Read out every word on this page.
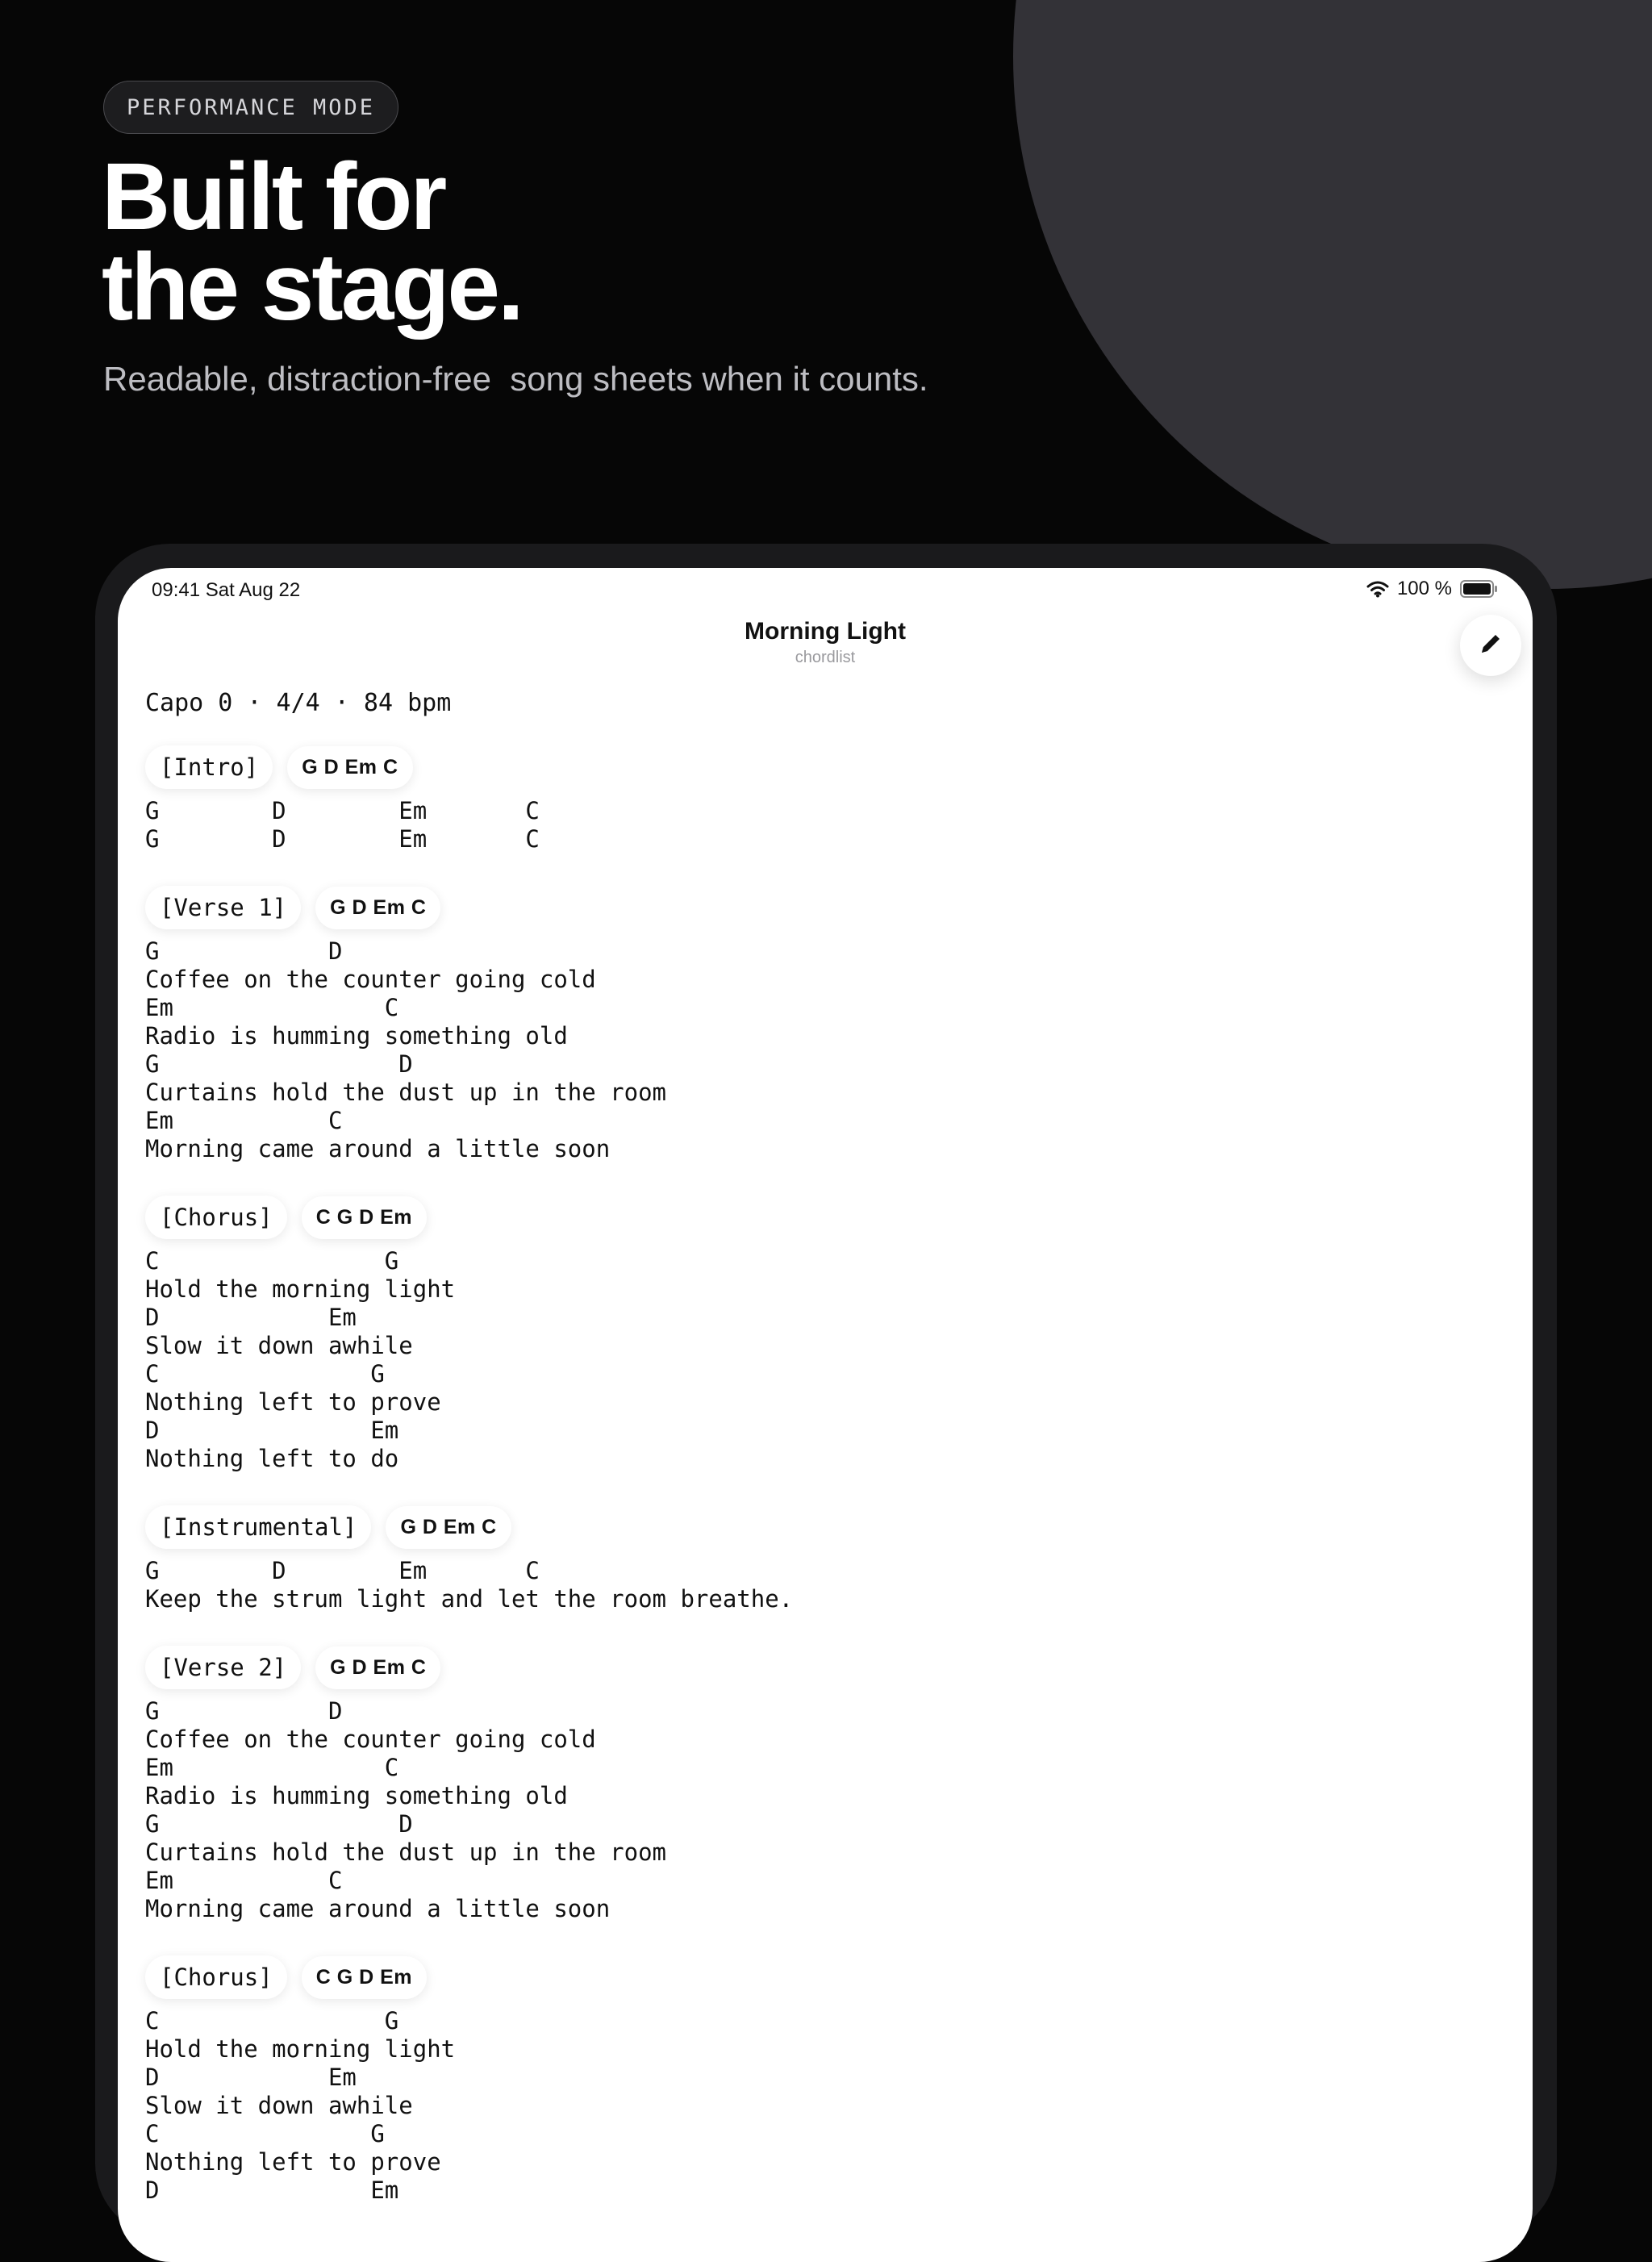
PERFORMANCE MODE
Built for
the stage.

Readable, distraction-free  song sheets when it counts.

09:41 Sat Aug 22	100 %
Morning Light
chordlist

Capo 0 · 4/4 · 84 bpm

[Intro]	G D Em C

G        D        Em       C

G        D        Em       C

[Verse 1]	G D Em C

G            D

Coffee on the counter going cold

Em               C

Radio is humming something old

G                 D

Curtains hold the dust up in the room

Em           C

Morning came around a little soon

[Chorus]	C G D Em

C                G

Hold the morning light

D            Em

Slow it down awhile

C               G

Nothing left to prove

D               Em

Nothing left to do

[Instrumental]	G D Em C

G        D        Em       C

Keep the strum light and let the room breathe.

[Verse 2]	G D Em C

G            D

Coffee on the counter going cold

Em               C

Radio is humming something old

G                 D

Curtains hold the dust up in the room

Em           C

Morning came around a little soon

[Chorus]	C G D Em

C                G

Hold the morning light

D            Em

Slow it down awhile

C               G

Nothing left to prove

D               Em
